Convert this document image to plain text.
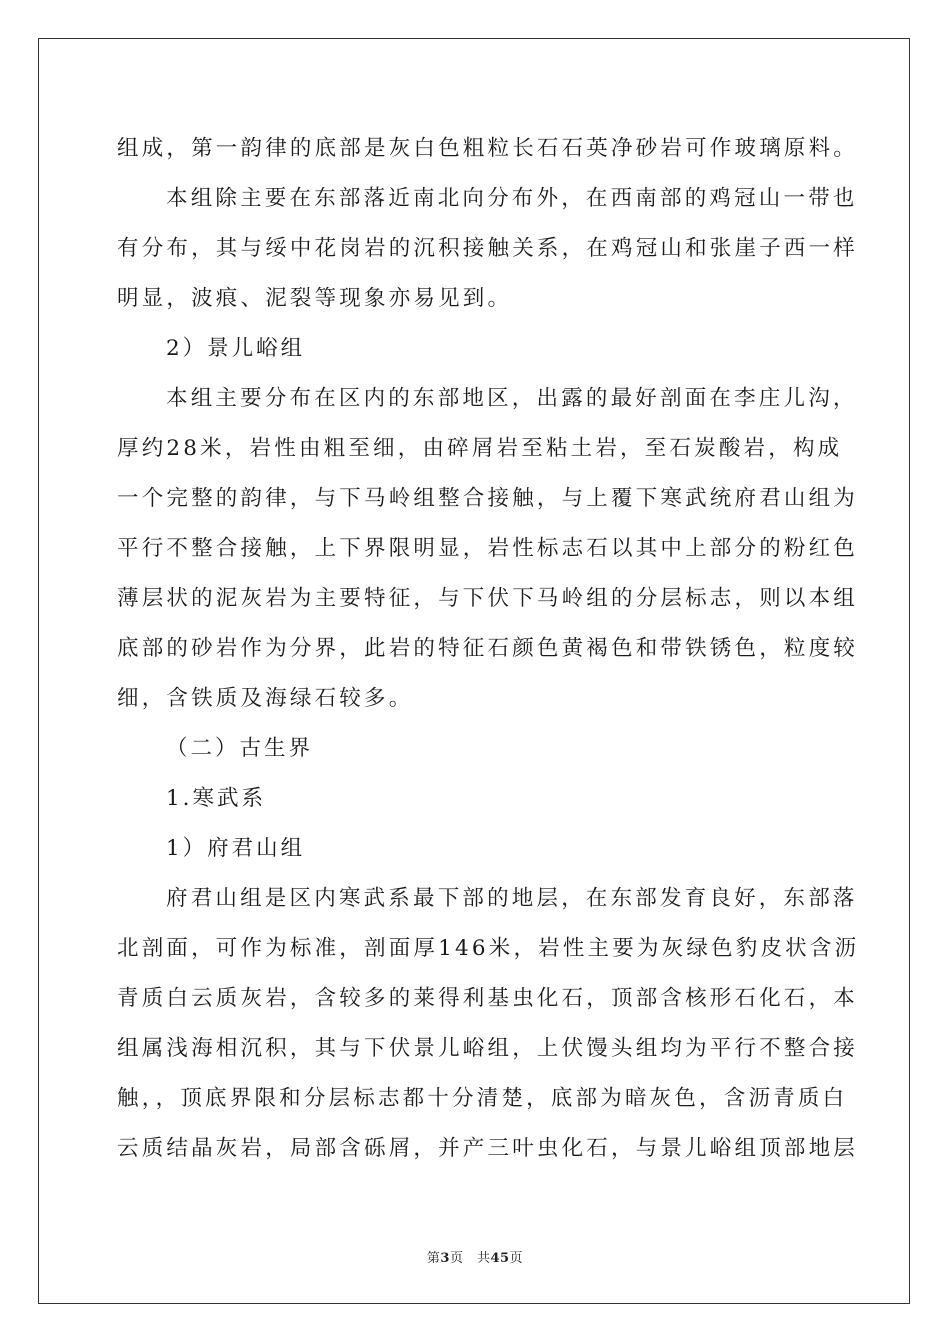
组成，第一韵律的底部是灰白色粗粒长石石英净砂岩可作玻璃原料。
本组除主要在东部落近南北向分布外，在西南部的鸡冠山一带也
有分布，其与绥中花岗岩的沉积接触关系，在鸡冠山和张崖子西一样
明显，波痕、泥裂等现象亦易见到。
2）景儿峪组
本组主要分布在区内的东部地区，出露的最好剖面在李庄儿沟，
厚约28米，岩性由粗至细，由碎屑岩至粘土岩，至石炭酸岩，构成
一个完整的韵律，与下马岭组整合接触，与上覆下寒武统府君山组为
平行不整合接触，上下界限明显，岩性标志石以其中上部分的粉红色
薄层状的泥灰岩为主要特征，与下伏下马岭组的分层标志，则以本组
底部的砂岩作为分界，此岩的特征石颜色黄褐色和带铁锈色，粒度较
细，含铁质及海绿石较多。
（二）古生界
1.寒武系
1）府君山组
府君山组是区内寒武系最下部的地层，在东部发育良好，东部落
北剖面，可作为标准，剖面厚146米，岩性主要为灰绿色豹皮状含沥
青质白云质灰岩，含较多的莱得利基虫化石，顶部含核形石化石，本
组属浅海相沉积，其与下伏景儿峪组，上伏馒头组均为平行不整合接
触，，顶底界限和分层标志都十分清楚，底部为暗灰色，含沥青质白
云质结晶灰岩，局部含砾屑，并产三叶虫化石，与景儿峪组顶部地层
第3页　共45页
